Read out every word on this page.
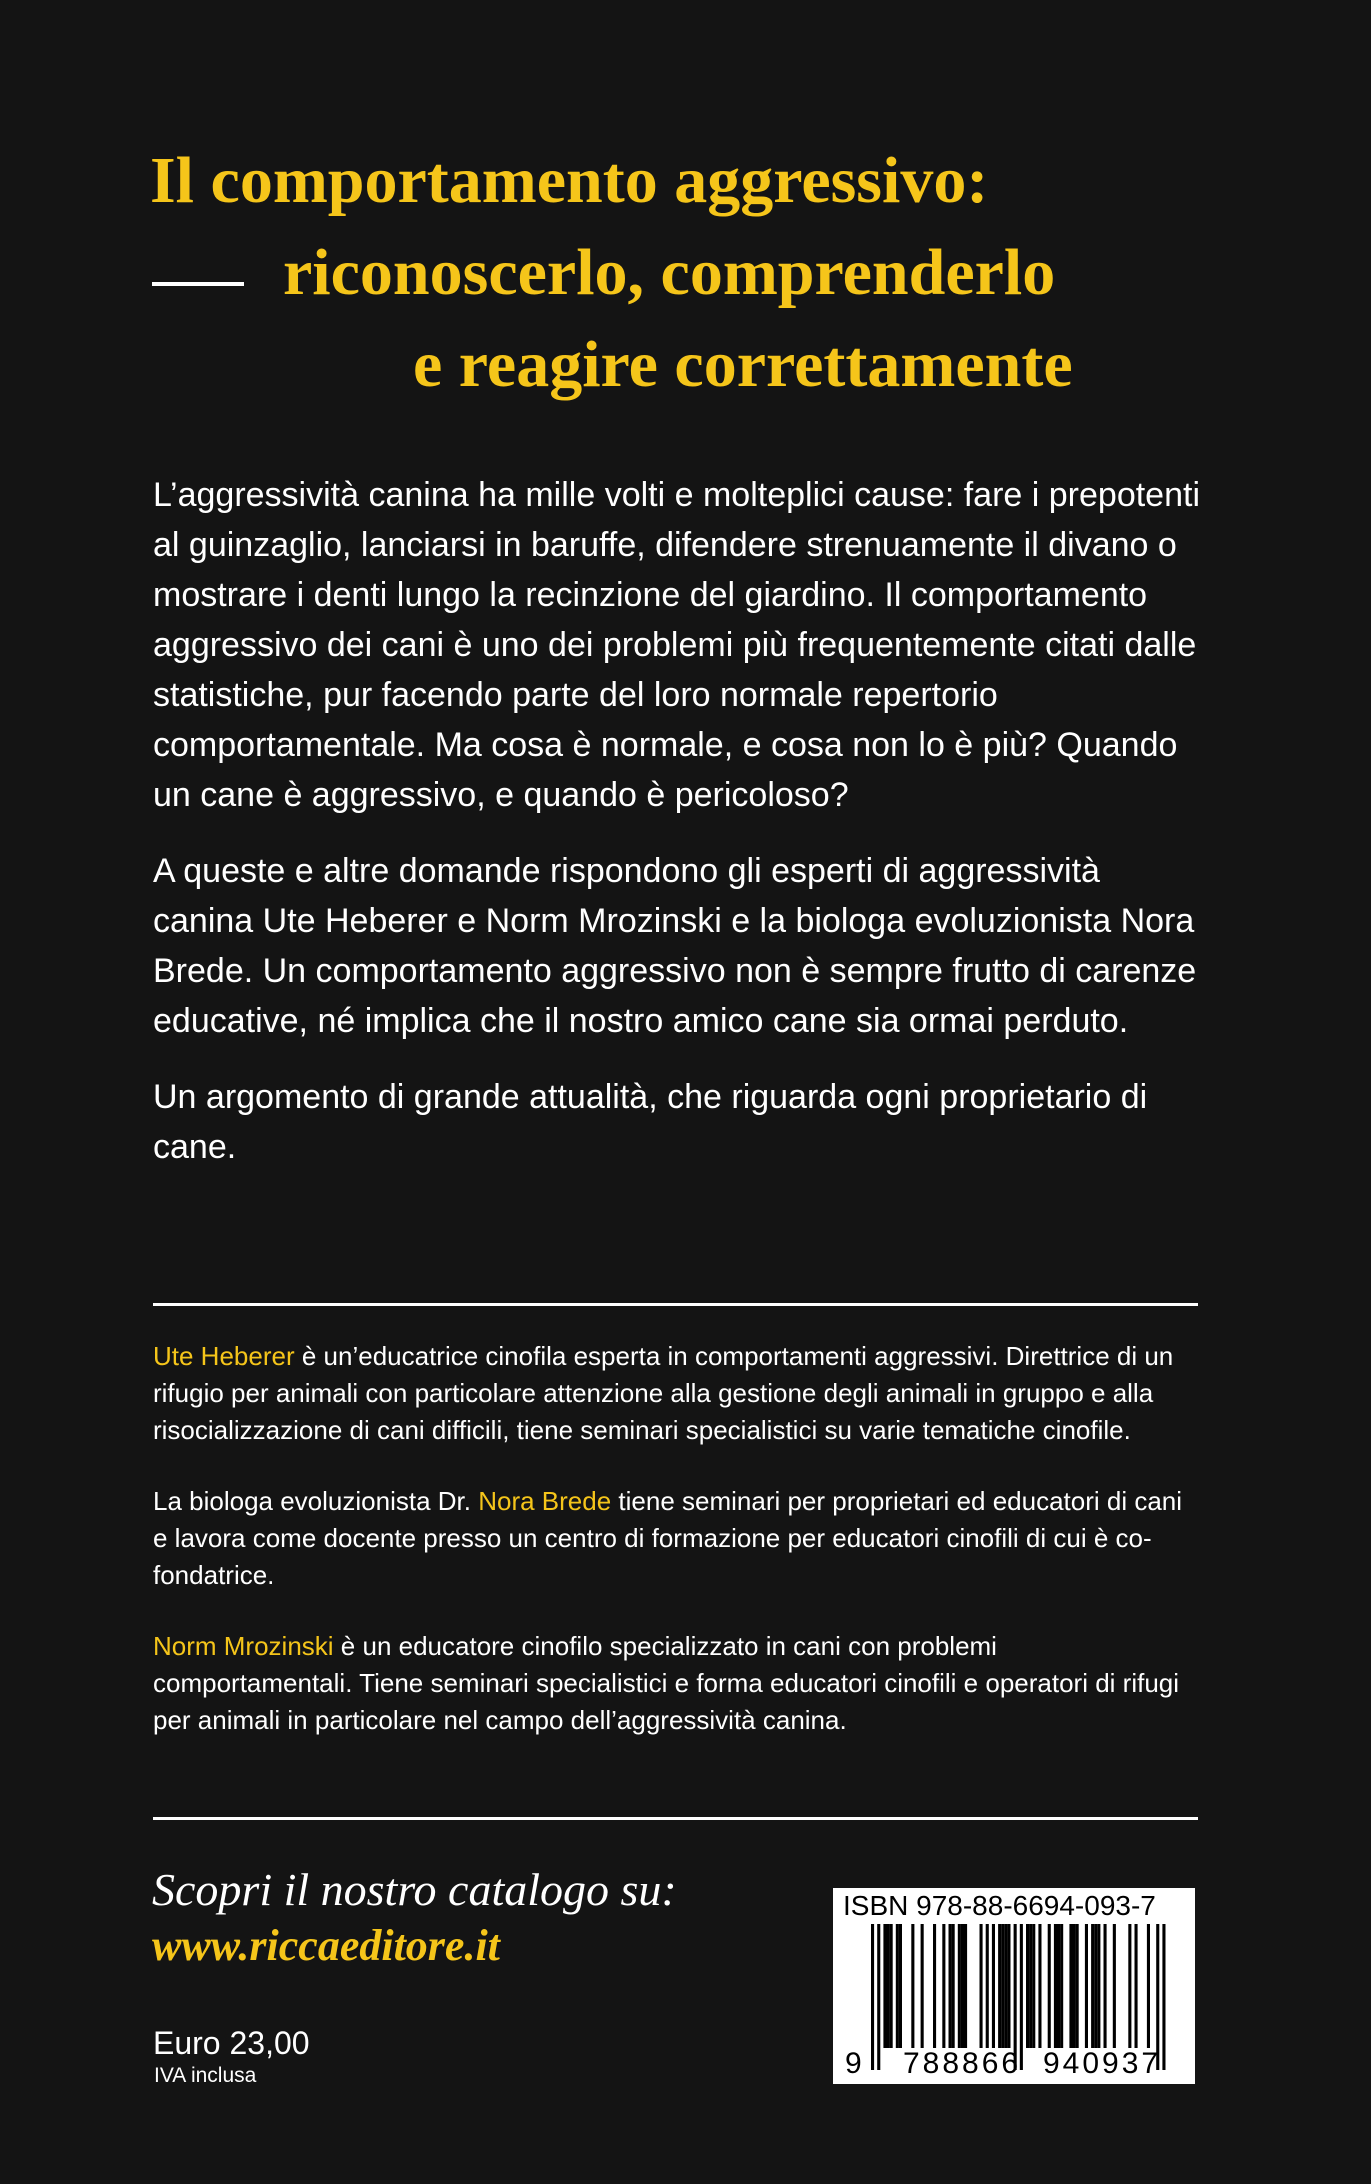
Il comportamento aggressivo:
riconoscerlo, comprenderlo
e reagire correttamente

L’aggressività canina ha mille volti e molteplici cause: fare i prepotenti al guinzaglio, lanciarsi in baruffe, difendere strenuamente il divano o mostrare i denti lungo la recinzione del giardino. Il comportamento aggressivo dei cani è uno dei problemi più frequentemente citati dalle statistiche, pur facendo parte del loro normale repertorio comportamentale. Ma cosa è normale, e cosa non lo è più? Quando un cane è aggressivo, e quando è pericoloso?

A queste e altre domande rispondono gli esperti di aggressività canina Ute Heberer e Norm Mrozinski e la biologa evoluzionista Nora Brede. Un comportamento aggressivo non è sempre frutto di carenze educative, né implica che il nostro amico cane sia ormai perduto.

Un argomento di grande attualità, che riguarda ogni proprietario di cane.

Ute Heberer è un’educatrice cinofila esperta in comportamenti aggressivi. Direttrice di un rifugio per animali con particolare attenzione alla gestione degli animali in gruppo e alla risocializzazione di cani difficili, tiene seminari specialistici su varie tematiche cinofile.

La biologa evoluzionista Dr. Nora Brede tiene seminari per proprietari ed educatori di cani e lavora come docente presso un centro di formazione per educatori cinofili di cui è co-fondatrice.

Norm Mrozinski è un educatore cinofilo specializzato in cani con problemi comportamentali. Tiene seminari specialistici e forma educatori cinofili e operatori di rifugi per animali in particolare nel campo dell’aggressività canina.

Scopri il nostro catalogo su:
www.riccaeditore.it
Euro 23,00
IVA inclusa
ISBN 978-88-6694-093-7
9 788866 940937
